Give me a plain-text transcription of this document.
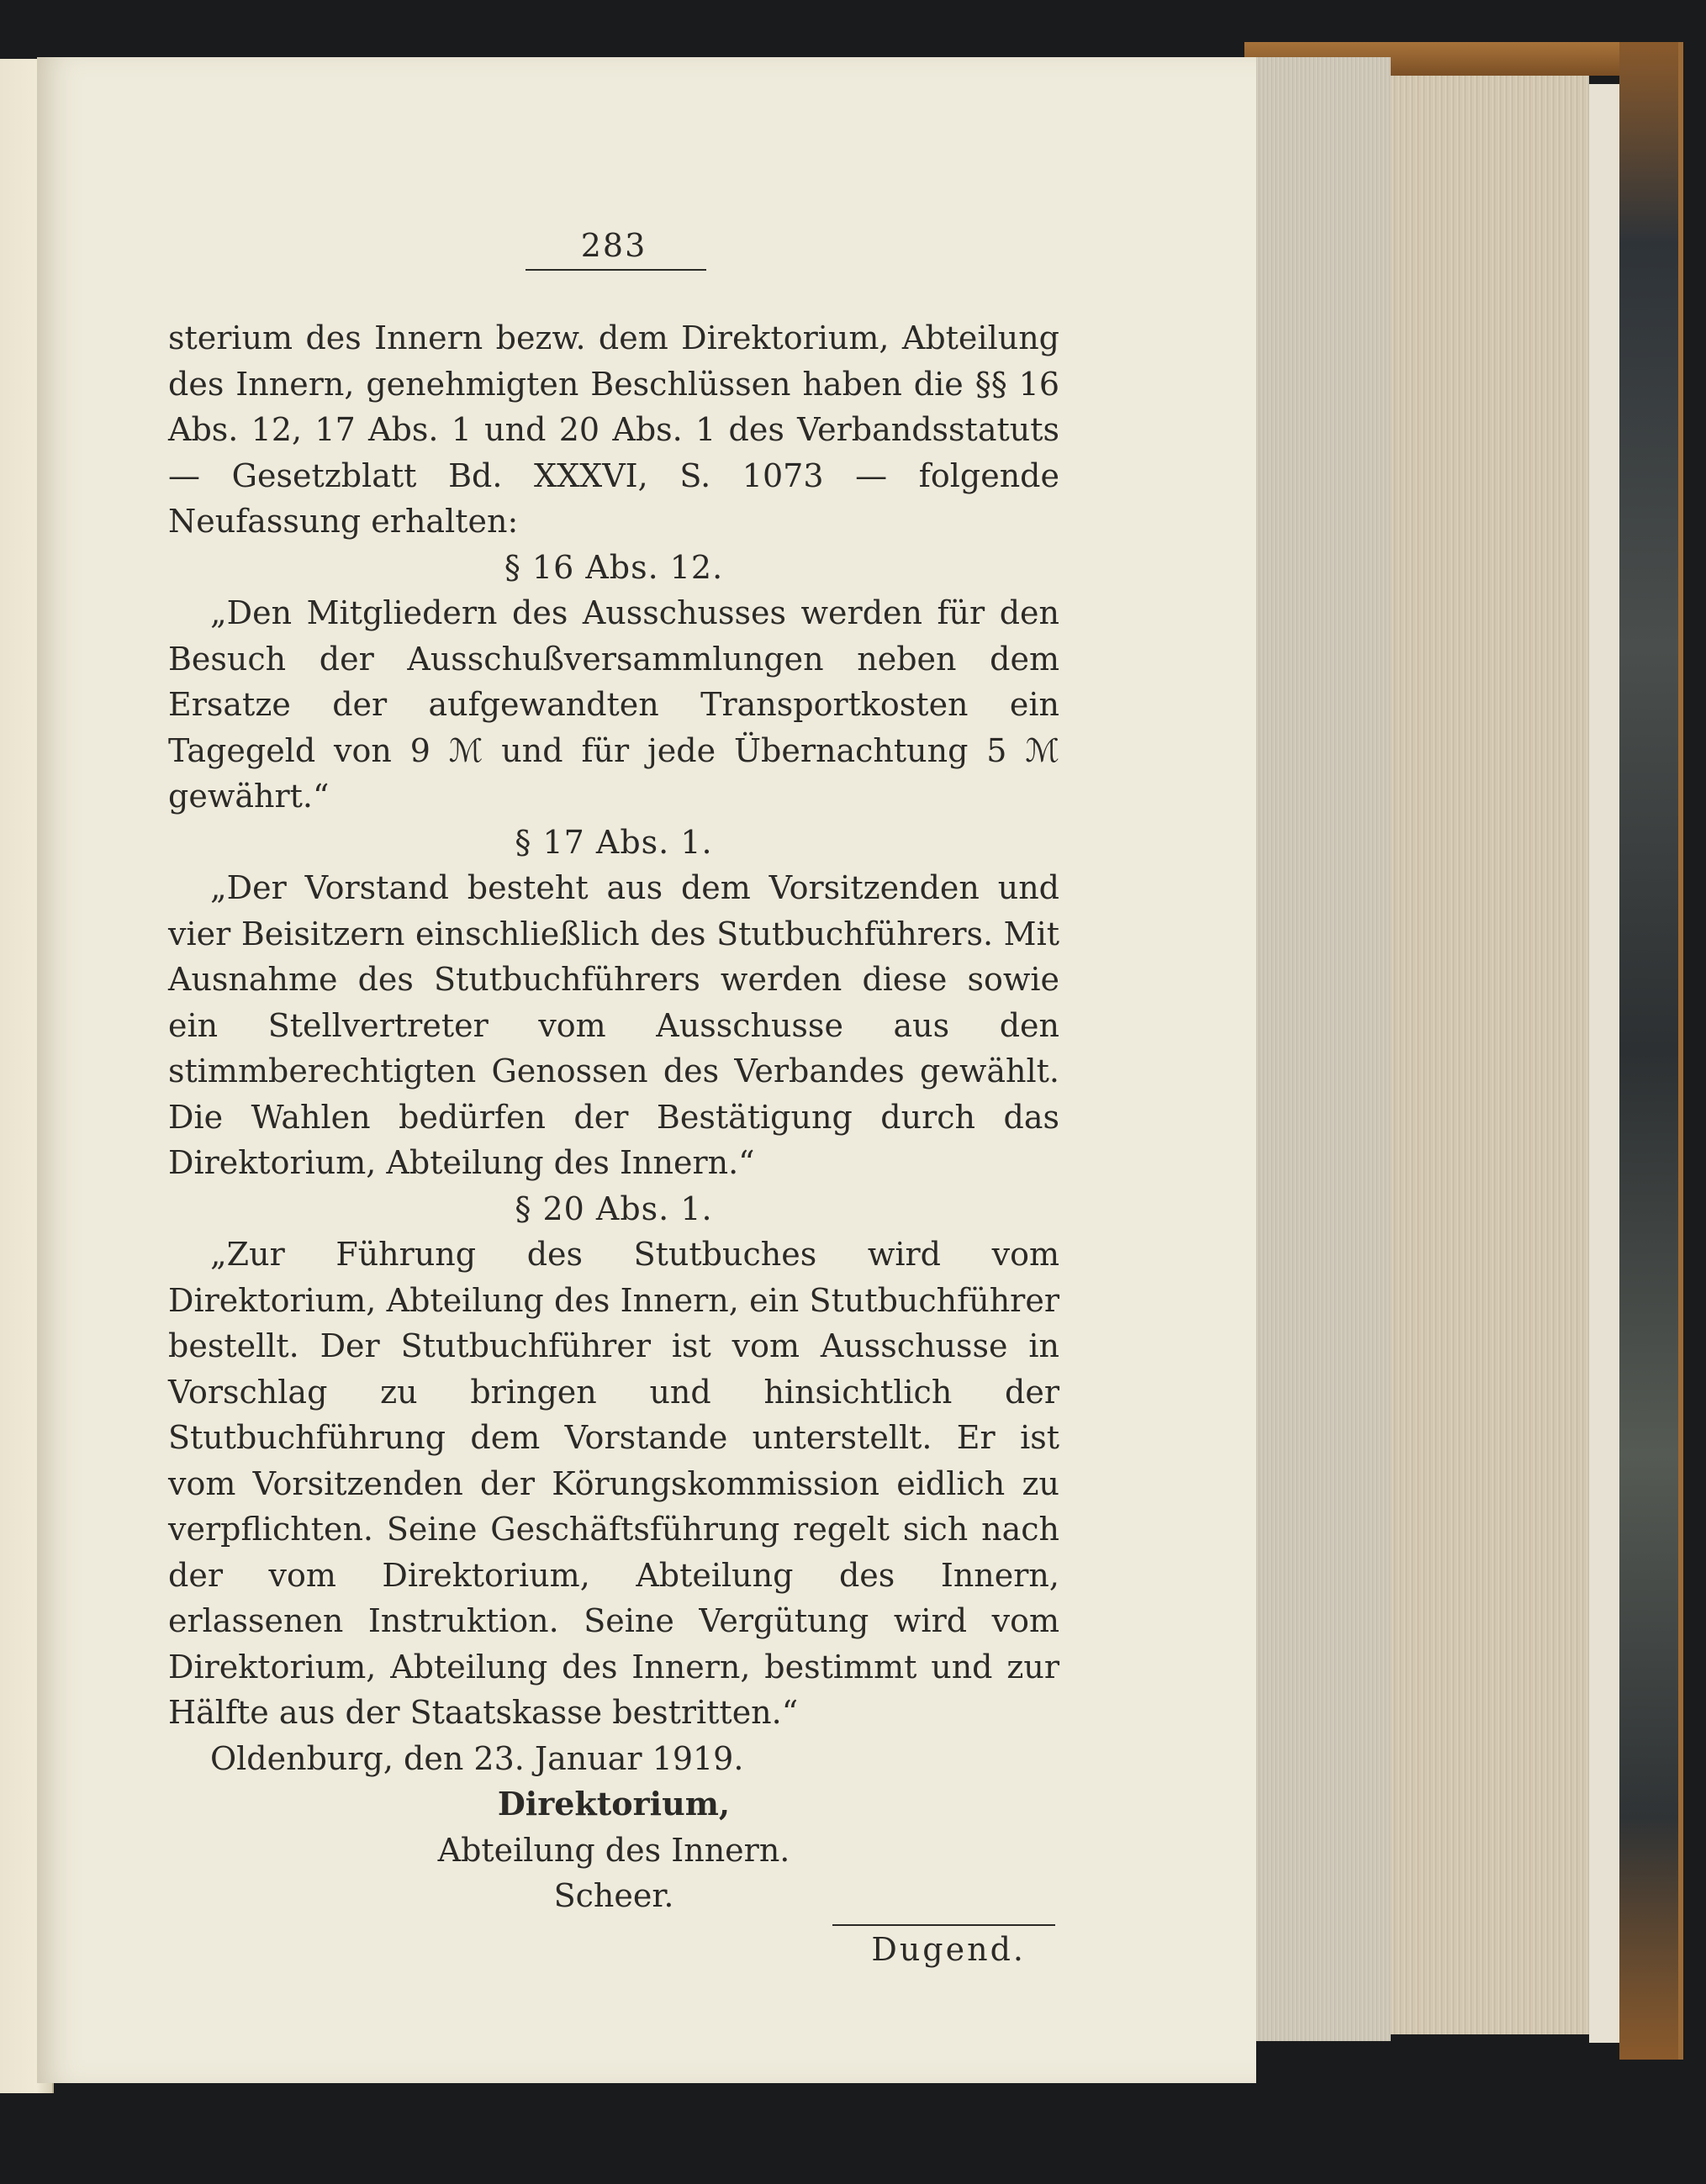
283

sterium des Innern bezw. dem Direktorium, Abteilung des Innern, genehmigten Beschlüssen haben die §§ 16 Abs. 12, 17 Abs. 1 und 20 Abs. 1 des Verbandsstatuts — Gesetzblatt Bd. XXXVI, S. 1073 — folgende Neufassung erhalten:

§ 16 Abs. 12.

„Den Mitgliedern des Ausschusses werden für den Besuch der Ausschußversammlungen neben dem Ersatze der aufgewandten Transportkosten ein Tagegeld von 9 ℳ und für jede Übernachtung 5 ℳ gewährt.“

§ 17 Abs. 1.

„Der Vorstand besteht aus dem Vorsitzenden und vier Beisitzern einschließlich des Stutbuchführers. Mit Ausnahme des Stutbuchführers werden diese sowie ein Stellvertreter vom Ausschusse aus den stimmberechtigten Genossen des Verbandes gewählt. Die Wahlen bedürfen der Bestätigung durch das Direktorium, Abteilung des Innern.“

§ 20 Abs. 1.

„Zur Führung des Stutbuches wird vom Direktorium, Abteilung des Innern, ein Stutbuchführer bestellt. Der Stutbuchführer ist vom Ausschusse in Vorschlag zu bringen und hinsichtlich der Stutbuchführung dem Vorstande unterstellt. Er ist vom Vorsitzenden der Körungskommission eidlich zu verpflichten. Seine Geschäftsführung regelt sich nach der vom Direktorium, Abteilung des Innern, erlassenen Instruktion. Seine Vergütung wird vom Direktorium, Abteilung des Innern, bestimmt und zur Hälfte aus der Staatskasse bestritten.“

Oldenburg, den 23. Januar 1919.

Direktorium,

Abteilung des Innern.

Scheer.

Dugend.
